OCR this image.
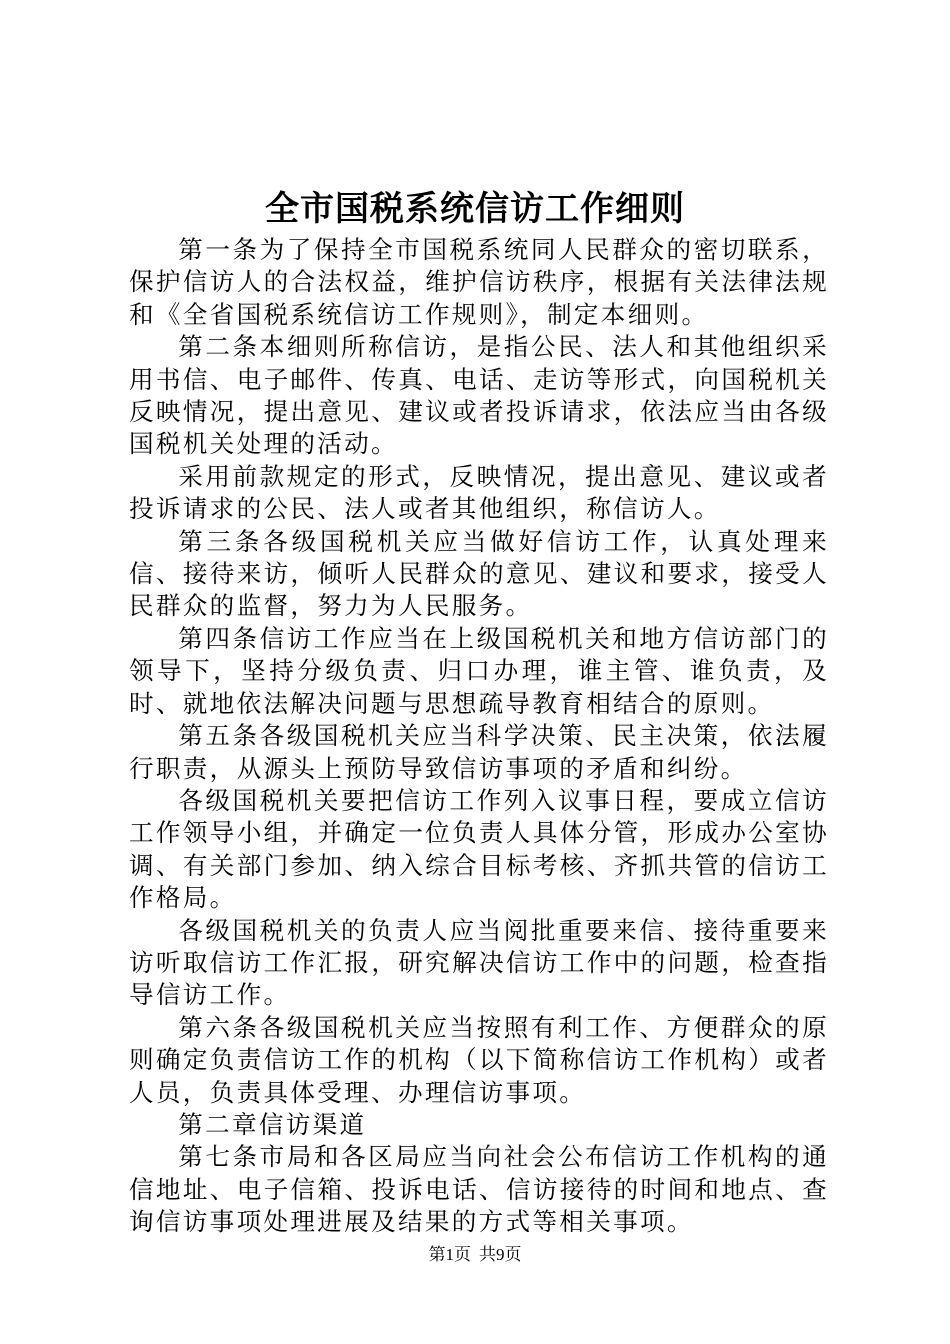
全市国税系统信访工作细则

第一条为了保持全市国税系统同人民群众的密切联系，保护信访人的合法权益，维护信访秩序，根据有关法律法规和《全省国税系统信访工作规则》，制定本细则。

第二条本细则所称信访，是指公民、法人和其他组织采用书信、电子邮件、传真、电话、走访等形式，向国税机关反映情况，提出意见、建议或者投诉请求，依法应当由各级国税机关处理的活动。

采用前款规定的形式，反映情况，提出意见、建议或者投诉请求的公民、法人或者其他组织，称信访人。

第三条各级国税机关应当做好信访工作，认真处理来信、接待来访，倾听人民群众的意见、建议和要求，接受人民群众的监督，努力为人民服务。

第四条信访工作应当在上级国税机关和地方信访部门的领导下，坚持分级负责、归口办理，谁主管、谁负责，及时、就地依法解决问题与思想疏导教育相结合的原则。

第五条各级国税机关应当科学决策、民主决策，依法履行职责，从源头上预防导致信访事项的矛盾和纠纷。

各级国税机关要把信访工作列入议事日程，要成立信访工作领导小组，并确定一位负责人具体分管，形成办公室协调、有关部门参加、纳入综合目标考核、齐抓共管的信访工作格局。

各级国税机关的负责人应当阅批重要来信、接待重要来访听取信访工作汇报，研究解决信访工作中的问题，检查指导信访工作。

第六条各级国税机关应当按照有利工作、方便群众的原则确定负责信访工作的机构（以下简称信访工作机构）或者人员，负责具体受理、办理信访事项。

第二章信访渠道

第七条市局和各区局应当向社会公布信访工作机构的通信地址、电子信箱、投诉电话、信访接待的时间和地点、查询信访事项处理进展及结果的方式等相关事项。

第1页 共9页
